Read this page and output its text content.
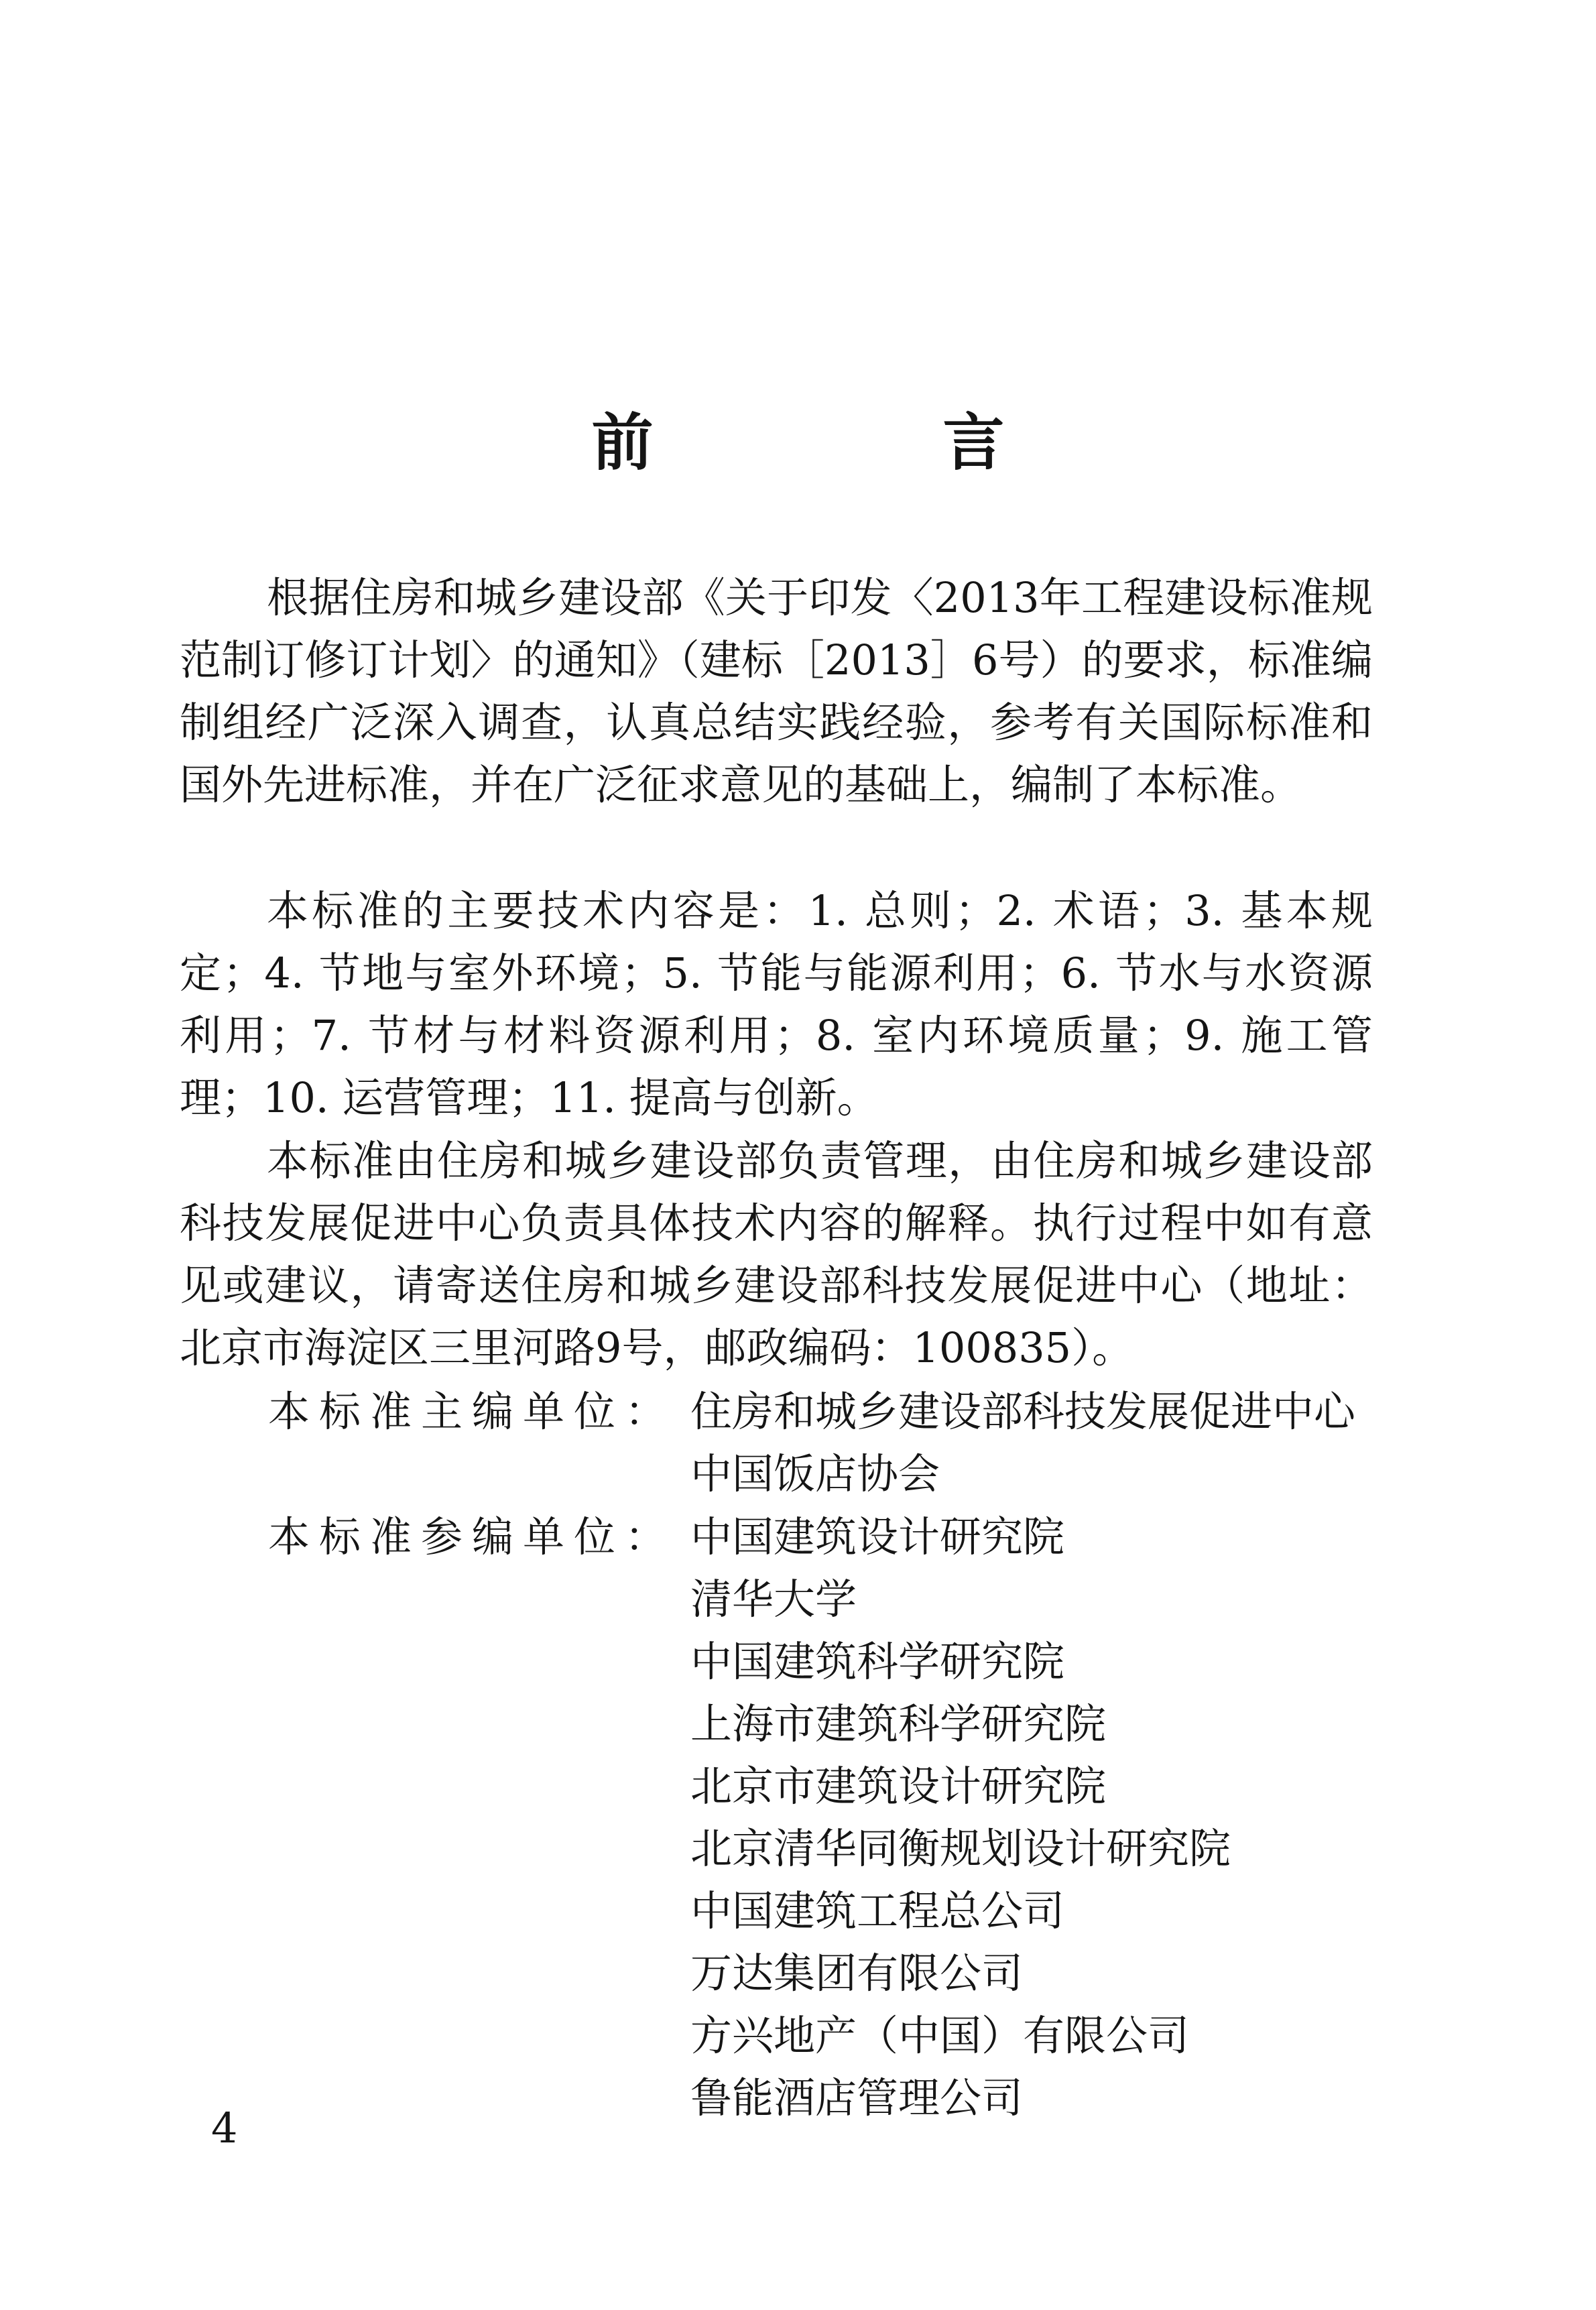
前 言

根据住房和城乡建设部《关于印发〈2013年工程建设标准规范制订修订计划〉的通知》（建标［2013］6号）的要求，标准编制组经广泛深入调查，认真总结实践经验，参考有关国际标准和国外先进标准，并在广泛征求意见的基础上，编制了本标准。

本标准的主要技术内容是：1. 总则；2. 术语；3. 基本规定；4. 节地与室外环境；5. 节能与能源利用；6. 节水与水资源利用；7. 节材与材料资源利用；8. 室内环境质量；9. 施工管理；10. 运营管理；11. 提高与创新。

本标准由住房和城乡建设部负责管理，由住房和城乡建设部科技发展促进中心负责具体技术内容的解释。执行过程中如有意见或建议，请寄送住房和城乡建设部科技发展促进中心（地址：北京市海淀区三里河路9号，邮政编码：100835）。

本标准主编单位： 住房和城乡建设部科技发展促进中心
中国饭店协会
本标准参编单位： 中国建筑设计研究院
清华大学
中国建筑科学研究院
上海市建筑科学研究院
北京市建筑设计研究院
北京清华同衡规划设计研究院
中国建筑工程总公司
万达集团有限公司
方兴地产（中国）有限公司
鲁能酒店管理公司
4
